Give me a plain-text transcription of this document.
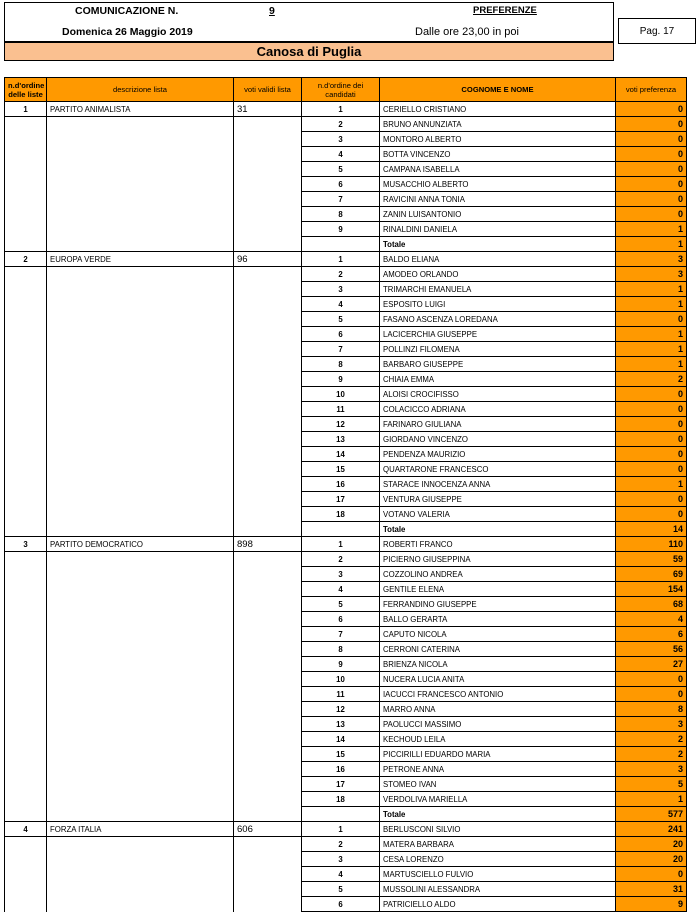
COMUNICAZIONE N.	9	PREFERENZE
Domenica 26 Maggio 2019	Dalle ore 23,00 in poi	Pag. 17
Canosa di Puglia
n.d'ordine delle liste	descrizione lista	voti validi lista	n.d'ordine dei candidati	COGNOME E NOME	voti preferenza
1	PARTITO ANIMALISTA	31	1	CERIELLO CRISTIANO	0
			2	BRUNO ANNUNZIATA	0
			3	MONTORO ALBERTO	0
			4	BOTTA VINCENZO	0
			5	CAMPANA ISABELLA	0
			6	MUSACCHIO ALBERTO	0
			7	RAVICINI ANNA TONIA	0
			8	ZANIN LUISANTONIO	0
			9	RINALDINI DANIELA	1
				Totale	1
2	EUROPA VERDE	96	1	BALDO ELIANA	3
			2	AMODEO ORLANDO	3
			3	TRIMARCHI EMANUELA	1
			4	ESPOSITO LUIGI	1
			5	FASANO ASCENZA LOREDANA	0
			6	LACICERCHIA GIUSEPPE	1
			7	POLLINZI FILOMENA	1
			8	BARBARO GIUSEPPE	1
			9	CHIAIA EMMA	2
			10	ALOISI CROCIFISSO	0
			11	COLACICCO ADRIANA	0
			12	FARINARO GIULIANA	0
			13	GIORDANO VINCENZO	0
			14	PENDENZA MAURIZIO	0
			15	QUARTARONE FRANCESCO	0
			16	STARACE INNOCENZA ANNA	1
			17	VENTURA GIUSEPPE	0
			18	VOTANO VALERIA	0
				Totale	14
3	PARTITO DEMOCRATICO	898	1	ROBERTI FRANCO	110
			2	PICIERNO GIUSEPPINA	59
			3	COZZOLINO ANDREA	69
			4	GENTILE ELENA	154
			5	FERRANDINO GIUSEPPE	68
			6	BALLO GERARTA	4
			7	CAPUTO NICOLA	6
			8	CERRONI CATERINA	56
			9	BRIENZA NICOLA	27
			10	NUCERA LUCIA ANITA	0
			11	IACUCCI FRANCESCO ANTONIO	0
			12	MARRO ANNA	8
			13	PAOLUCCI MASSIMO	3
			14	KECHOUD LEILA	2
			15	PICCIRILLI EDUARDO MARIA	2
			16	PETRONE ANNA	3
			17	STOMEO IVAN	5
			18	VERDOLIVA MARIELLA	1
				Totale	577
4	FORZA ITALIA	606	1	BERLUSCONI SILVIO	241
			2	MATERA BARBARA	20
			3	CESA LORENZO	20
			4	MARTUSCIELLO FULVIO	0
			5	MUSSOLINI ALESSANDRA	31
			6	PATRICIELLO ALDO	9
